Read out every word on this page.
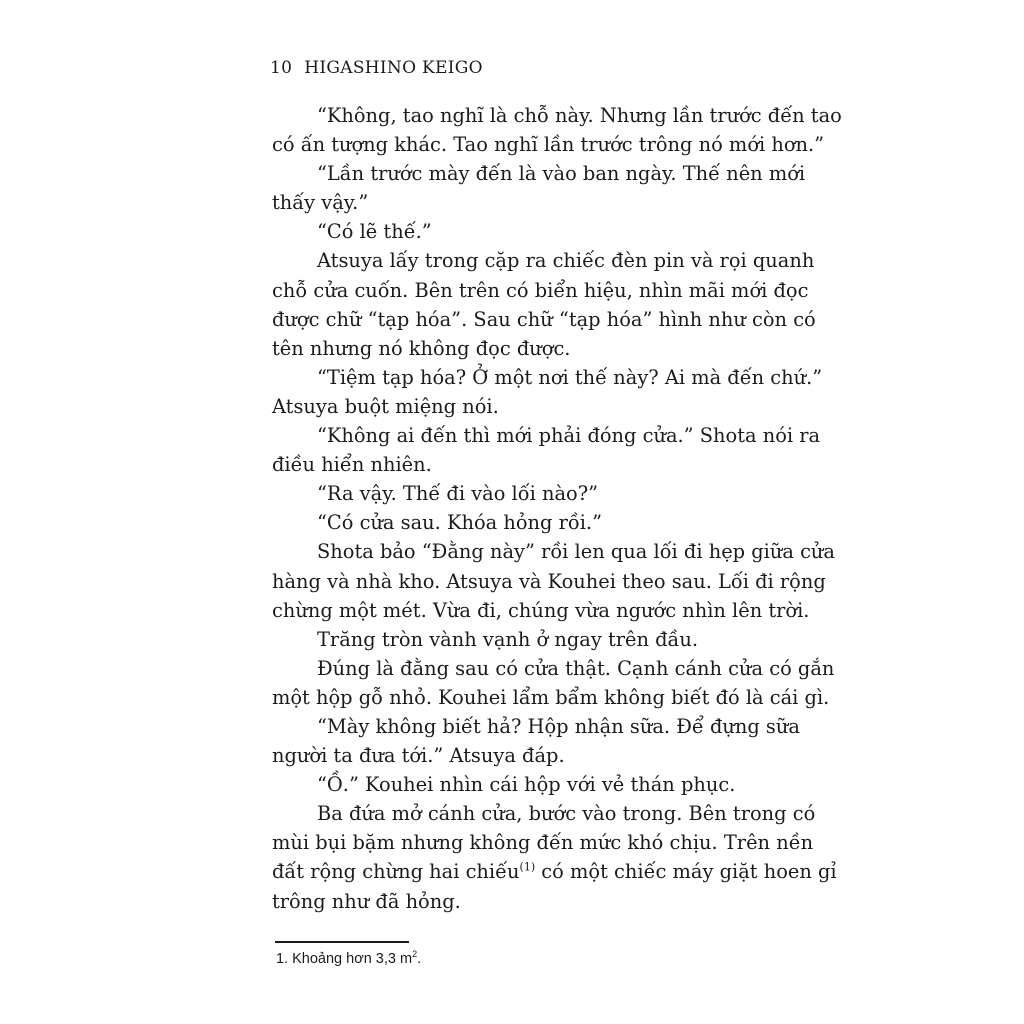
10 HIGASHINO KEIGO
“Không, tao nghĩ là chỗ này. Nhưng lần trước đến tao
có ấn tượng khác. Tao nghĩ lần trước trông nó mới hơn.”
“Lần trước mày đến là vào ban ngày. Thế nên mới
thấy vậy.”
“Có lẽ thế.”
Atsuya lấy trong cặp ra chiếc đèn pin và rọi quanh
chỗ cửa cuốn. Bên trên có biển hiệu, nhìn mãi mới đọc
được chữ “tạp hóa”. Sau chữ “tạp hóa” hình như còn có
tên nhưng nó không đọc được.
“Tiệm tạp hóa? Ở một nơi thế này? Ai mà đến chứ.”
Atsuya buột miệng nói.
“Không ai đến thì mới phải đóng cửa.” Shota nói ra
điều hiển nhiên.
“Ra vậy. Thế đi vào lối nào?”
“Có cửa sau. Khóa hỏng rồi.”
Shota bảo “Đằng này” rồi len qua lối đi hẹp giữa cửa
hàng và nhà kho. Atsuya và Kouhei theo sau. Lối đi rộng
chừng một mét. Vừa đi, chúng vừa ngước nhìn lên trời.
Trăng tròn vành vạnh ở ngay trên đầu.
Đúng là đằng sau có cửa thật. Cạnh cánh cửa có gắn
một hộp gỗ nhỏ. Kouhei lẩm bẩm không biết đó là cái gì.
“Mày không biết hả? Hộp nhận sữa. Để đựng sữa
người ta đưa tới.” Atsuya đáp.
“Ồ.” Kouhei nhìn cái hộp với vẻ thán phục.
Ba đứa mở cánh cửa, bước vào trong. Bên trong có
mùi bụi bặm nhưng không đến mức khó chịu. Trên nền
đất rộng chừng hai chiếu$^{(1)}$ có một chiếc máy giặt hoen gỉ
trông như đã hỏng.
1. Khoảng hơn 3,3 $m^2$.
